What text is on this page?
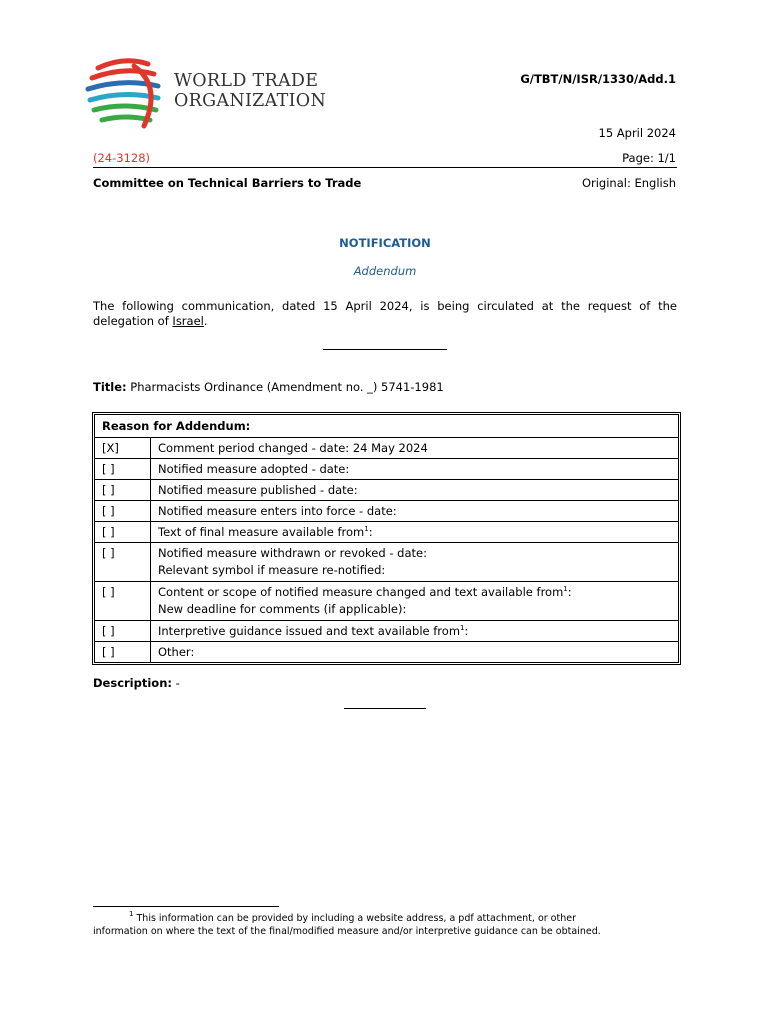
WORLD TRADE
ORGANIZATION
G/TBT/N/ISR/1330/Add.1
15 April 2024
(24-3128)	Page: 1/1
Committee on Technical Barriers to Trade	Original: English
NOTIFICATION
Addendum
The following communication, dated 15 April 2024, is being circulated at the request of the
delegation of Israel.
Title: Pharmacists Ordinance (Amendment no. _) 5741-1981
Reason for Addendum:
[X]	Comment period changed - date: 24 May 2024
[ ]	Notified measure adopted - date:
[ ]	Notified measure published - date:
[ ]	Notified measure enters into force - date:
[ ]	Text of final measure available from$^1$:
[ ]	Notified measure withdrawn or revoked - date:
Relevant symbol if measure re-notified:
[ ]	Content or scope of notified measure changed and text available from$^1$:
New deadline for comments (if applicable):
[ ]	Interpretive guidance issued and text available from$^1$:
[ ]	Other:
Description: -
$^1$ This information can be provided by including a website address, a pdf attachment, or other
information on where the text of the final/modified measure and/or interpretive guidance can be obtained.
